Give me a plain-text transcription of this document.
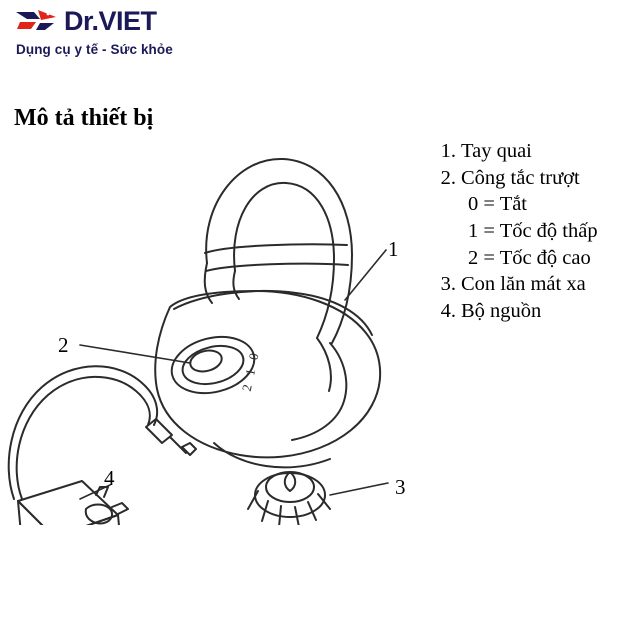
Dr.VIET
Dụng cụ y tế - Sức khỏe
Mô tả thiết bị
2
1
0
1
2
3
4
1. Tay quai
2. Công tắc trượt
0 = Tắt
1 = Tốc độ thấp
2 = Tốc độ cao
3. Con lăn mát xa
4. Bộ nguồn
